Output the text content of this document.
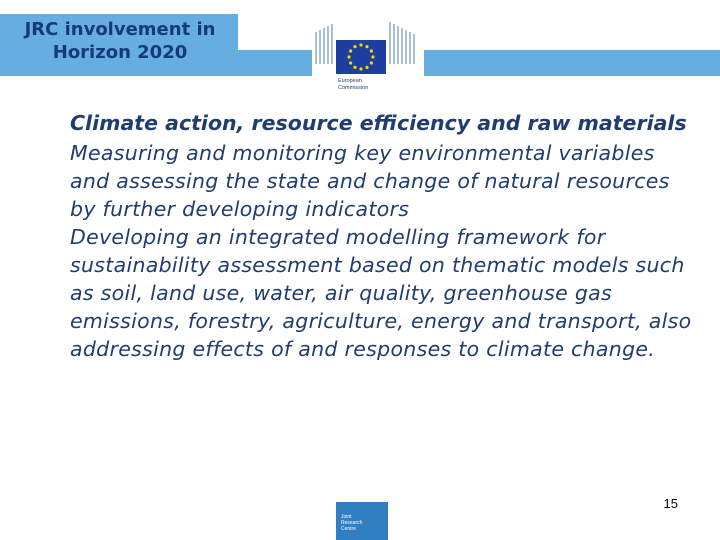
JRC involvement in
Horizon 2020
European
Commission

Climate action, resource efficiency and raw materials

Measuring and monitoring key environmental variables and assessing the state and change of natural resources by further developing indicators

Developing an integrated modelling framework for sustainability assessment based on thematic models such as soil, land use, water, air quality, greenhouse gas emissions, forestry, agriculture, energy and transport, also addressing effects of and responses to climate change.

15
Joint
Research
Centre
